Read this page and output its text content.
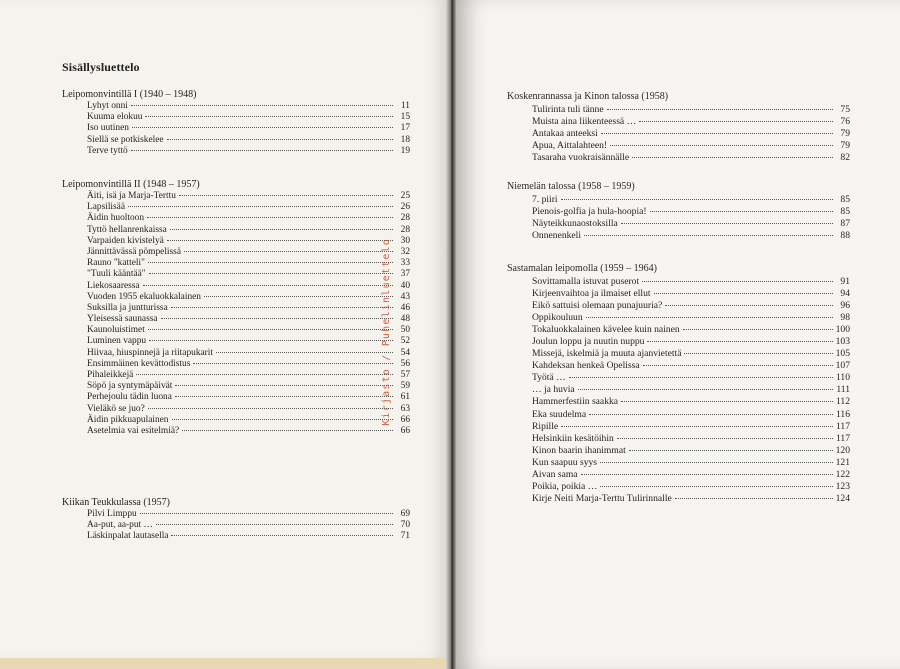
Sisällysluettelo
Leipomonvintillä I (1940 – 1948)
Lyhyt onni	11
Kuuma elokuu	15
Iso uutinen	17
Siellä se potkiskelee	18
Terve tyttö	19
Leipomonvintillä II (1948 – 1957)
Äiti, isä ja Marja-Terttu	25
Lapsilisää	26
Äidin huoltoon	28
Tyttö hellanrenkaissa	28
Varpaiden kivistelyä	30
Jännittävässä pömpelissä	32
Rauno "katteli"	33
"Tuuli kääntää"	37
Liekosaaressa	40
Vuoden 1955 ekaluokkalainen	43
Suksilla ja juntturissa	46
Yleisessä saunassa	48
Kaunoluistimet	50
Luminen vappu	52
Hiivaa, hiuspinnejä ja riitapukarit	54
Ensimmäinen kevättodistus	56
Pihaleikkejä	57
Söpö ja syntymäpäivät	59
Perhejoulu tädin luona	61
Vieläkö se juo?	63
Äidin pikkuapulainen	66
Asetelmia vai esitelmiä?	66
Kiikan Teukkulassa (1957)
Pilvi Limppu	69
Aa-put, aa-put …	70
Läskinpalat lautasella	71
Koskenrannassa ja Kinon talossa (1958)
Tulirinta tuli tänne	75
Muista aina liikenteessä …	76
Antakaa anteeksi	79
Apua, Aittalahteen!	79
Tasaraha vuokraisännälle	82
Niemelän talossa (1958 – 1959)
7. piiri	85
Pienois-golfia ja hula-hoopia!	85
Näyteikkunaostoksilla	87
Onnenenkeli	88
Sastamalan leipomolla (1959 – 1964)
Sovittamalla istuvat puserot	91
Kirjeenvaihtoa ja ilmaiset ellut	94
Eikö sattuisi olemaan punajuuria?	96
Oppikouluun	98
Tokaluokkalainen kävelee kuin nainen	100
Joulun loppu ja nuutin nuppu	103
Missejä, iskelmiä ja muuta ajanvietettä	105
Kahdeksan henkeä Opelissa	107
Työtä …	110
… ja huvia	111
Hammerfestiin saakka	112
Eka suudelma	116
Ripille	117
Helsinkiin kesätöihin	117
Kinon baarin ihanimmat	120
Kun saapuu syys	121
Aivan sama	122
Poikia, poikia …	123
Kirje Neiti Marja-Terttu Tulirinnalle	124
Kirjasto / Puhelinluettelo
